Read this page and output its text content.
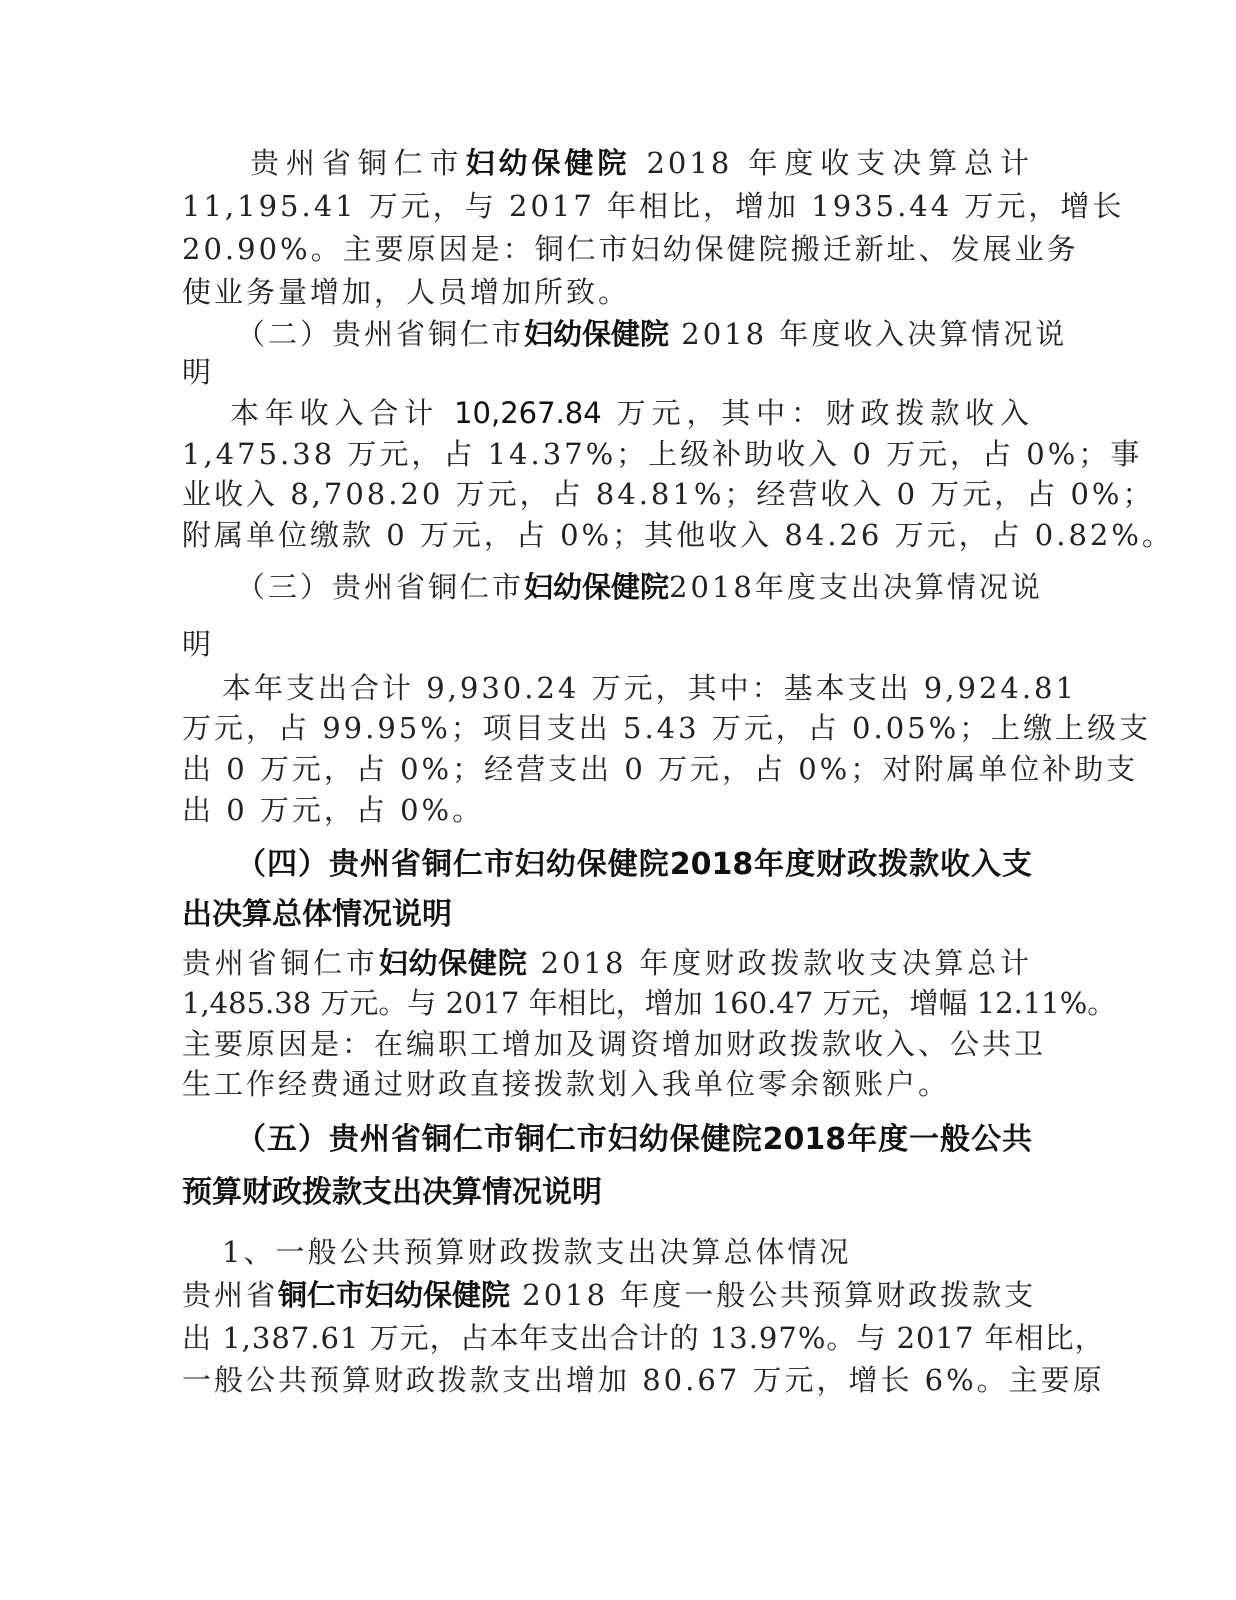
贵州省铜仁市妇幼保健院 2018 年度收支决算总计
11,195.41 万元，与 2017 年相比，增加 1935.44 万元，增长
20.90%。主要原因是：铜仁市妇幼保健院搬迁新址、发展业务
使业务量增加，人员增加所致。
（二）贵州省铜仁市妇幼保健院 2018 年度收入决算情况说
明
本年收入合计 10,267.84 万元，其中：财政拨款收入
1,475.38 万元，占 14.37%；上级补助收入 0 万元，占 0%；事
业收入 8,708.20 万元，占 84.81%；经营收入 0 万元，占 0%；
附属单位缴款 0 万元，占 0%；其他收入 84.26 万元，占 0.82%。
（三）贵州省铜仁市妇幼保健院2018年度支出决算情况说
明
本年支出合计 9,930.24 万元，其中：基本支出 9,924.81
万元，占 99.95%；项目支出 5.43 万元，占 0.05%；上缴上级支
出 0 万元，占 0%；经营支出 0 万元，占 0%；对附属单位补助支
出 0 万元，占 0%。
（四）贵州省铜仁市妇幼保健院2018年度财政拨款收入支
出决算总体情况说明
贵州省铜仁市妇幼保健院 2018 年度财政拨款收支决算总计
1,485.38 万元。与 2017 年相比，增加 160.47 万元，增幅 12.11%。
主要原因是：在编职工增加及调资增加财政拨款收入、公共卫
生工作经费通过财政直接拨款划入我单位零余额账户。
（五）贵州省铜仁市铜仁市妇幼保健院2018年度一般公共
预算财政拨款支出决算情况说明
1、一般公共预算财政拨款支出决算总体情况
贵州省铜仁市妇幼保健院 2018 年度一般公共预算财政拨款支
出 1,387.61 万元，占本年支出合计的 13.97%。与 2017 年相比，
一般公共预算财政拨款支出增加 80.67 万元，增长 6%。主要原
